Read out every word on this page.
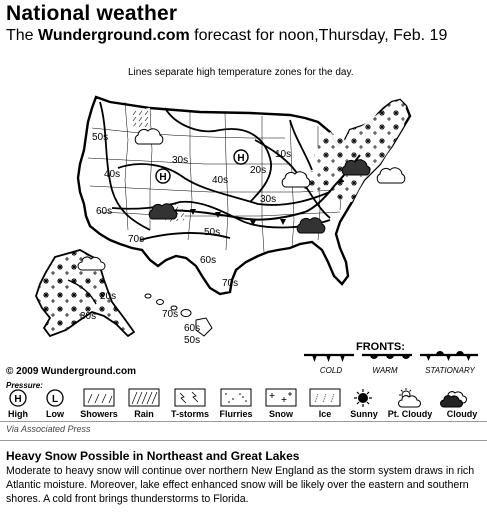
National weather
The Wunderground.com forecast for noon,Thursday, Feb. 19
Lines separate high temperature zones for the day.
H
H
50s
40s
30s
40s
60s
70s
50s
60s
70s
10s
20s
30s
20s
30s	70s
60s
50s
© 2009 Wunderground.com
FRONTS:
COLD	WARM	STATIONARY
Pressure:
H	L
High	Low	Showers	Rain	T-storms	Flurries	Snow	Ice	Sunny	Pt. Cloudy	Cloudy
Via Associated Press
Heavy Snow Possible in Northeast and Great Lakes
Moderate to heavy snow will continue over northern New England as the storm system draws in rich Atlantic moisture. Moreover, lake effect enhanced snow will be likely over the eastern and southern shores. A cold front brings thunderstorms to Florida.
